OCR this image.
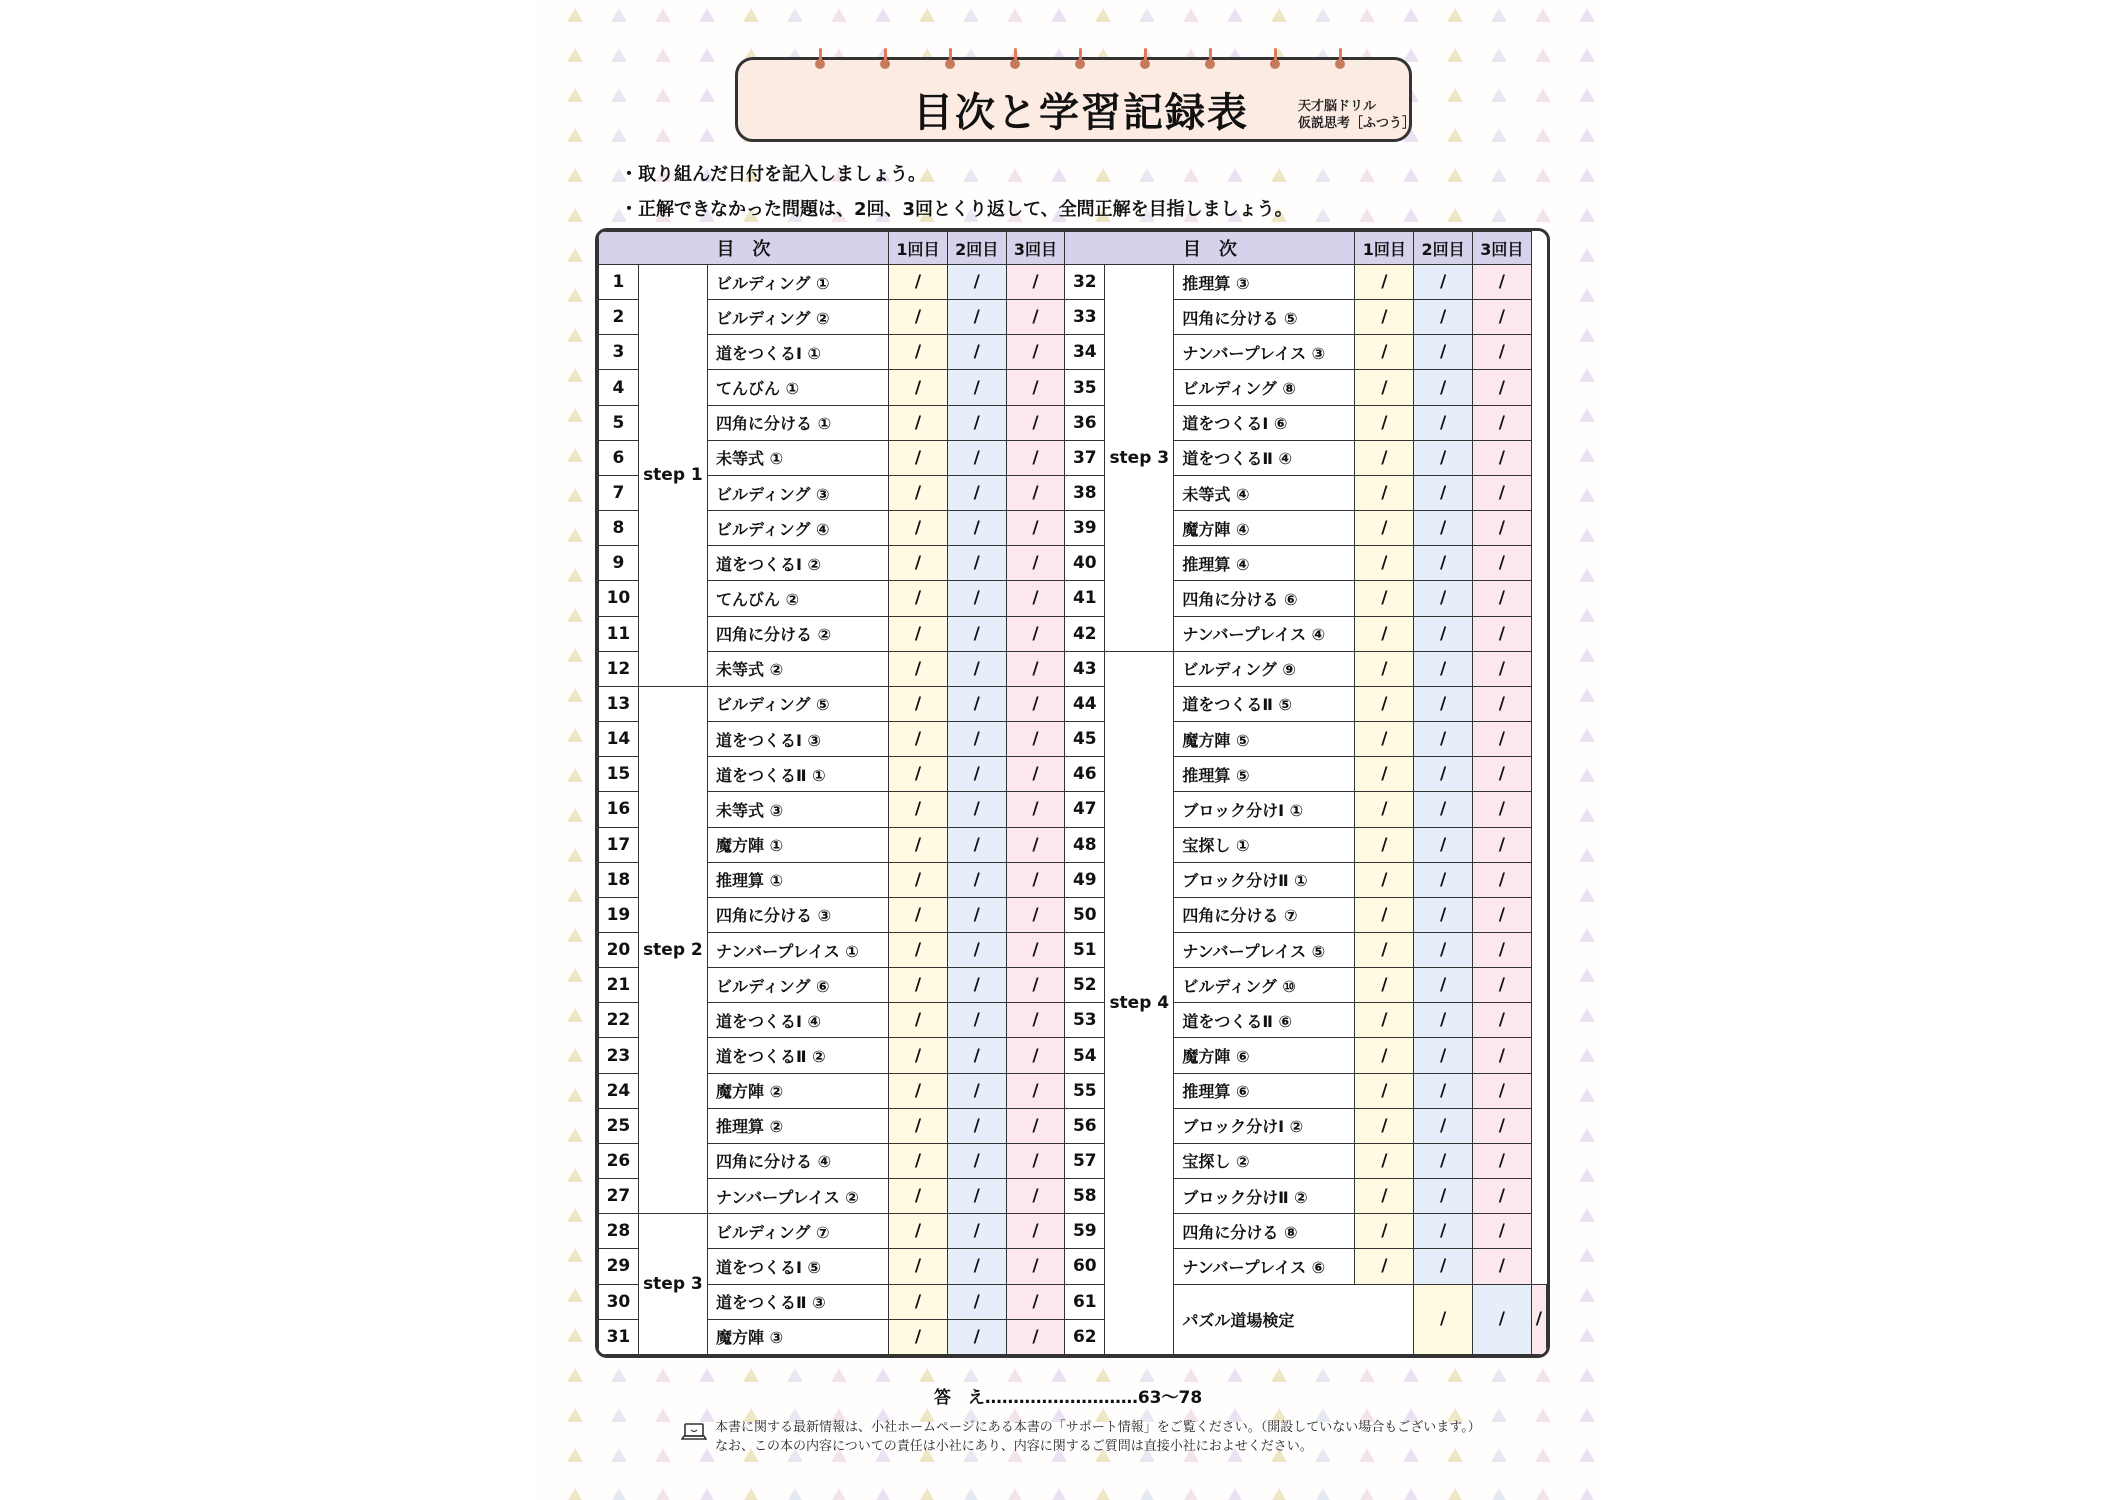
目次と学習記録表	天才脳ドリル
仮説思考［ふつう］
・取り組んだ日付を記入しましょう。
・正解できなかった問題は、2回、3回とくり返して、全問正解を目指しましょう。
目　次			1回目	2回目	3回目	目　次			1回目	2回目	3回目	
1	step 1	ビルディング ①	/	/	/	32	step 3	推理算 ③	/	/	/	
2		ビルディング ②	/	/	/	33		四角に分ける ⑤	/	/	/	
3		道をつくるⅠ ①	/	/	/	34		ナンバープレイス ③	/	/	/	
4		てんびん ①	/	/	/	35		ビルディング ⑧	/	/	/	
5		四角に分ける ①	/	/	/	36		道をつくるⅠ ⑥	/	/	/	
6		未等式 ①	/	/	/	37		道をつくるⅡ ④	/	/	/	
7		ビルディング ③	/	/	/	38		未等式 ④	/	/	/	
8		ビルディング ④	/	/	/	39		魔方陣 ④	/	/	/	
9		道をつくるⅠ ②	/	/	/	40		推理算 ④	/	/	/	
10		てんびん ②	/	/	/	41		四角に分ける ⑥	/	/	/	
11		四角に分ける ②	/	/	/	42		ナンバープレイス ④	/	/	/	
12		未等式 ②	/	/	/	43	step 4	ビルディング ⑨	/	/	/	
13	step 2	ビルディング ⑤	/	/	/	44		道をつくるⅡ ⑤	/	/	/	
14		道をつくるⅠ ③	/	/	/	45		魔方陣 ⑤	/	/	/	
15		道をつくるⅡ ①	/	/	/	46		推理算 ⑤	/	/	/	
16		未等式 ③	/	/	/	47		ブロック分けⅠ ①	/	/	/	
17		魔方陣 ①	/	/	/	48		宝探し ①	/	/	/	
18		推理算 ①	/	/	/	49		ブロック分けⅡ ①	/	/	/	
19		四角に分ける ③	/	/	/	50		四角に分ける ⑦	/	/	/	
20		ナンバープレイス ①	/	/	/	51		ナンバープレイス ⑤	/	/	/	
21		ビルディング ⑥	/	/	/	52		ビルディング ⑩	/	/	/	
22		道をつくるⅠ ④	/	/	/	53		道をつくるⅡ ⑥	/	/	/	
23		道をつくるⅡ ②	/	/	/	54		魔方陣 ⑥	/	/	/	
24		魔方陣 ②	/	/	/	55		推理算 ⑥	/	/	/	
25		推理算 ②	/	/	/	56		ブロック分けⅠ ②	/	/	/	
26		四角に分ける ④	/	/	/	57		宝探し ②	/	/	/	
27		ナンバープレイス ②	/	/	/	58		ブロック分けⅡ ②	/	/	/	
28	step 3	ビルディング ⑦	/	/	/	59		四角に分ける ⑧	/	/	/	
29		道をつくるⅠ ⑤	/	/	/	60		ナンバープレイス ⑥	/	/	/	
30		道をつくるⅡ ③	/	/	/	61		パズル道場検定		/	/	/
31		魔方陣 ③	/	/	/	62						
答　え………………………63〜78
本書に関する最新情報は、小社ホームページにある本書の「サポート情報」をご覧ください。（開設していない場合もございます。）
なお、この本の内容についての責任は小社にあり、内容に関するご質問は直接小社におよせください。
